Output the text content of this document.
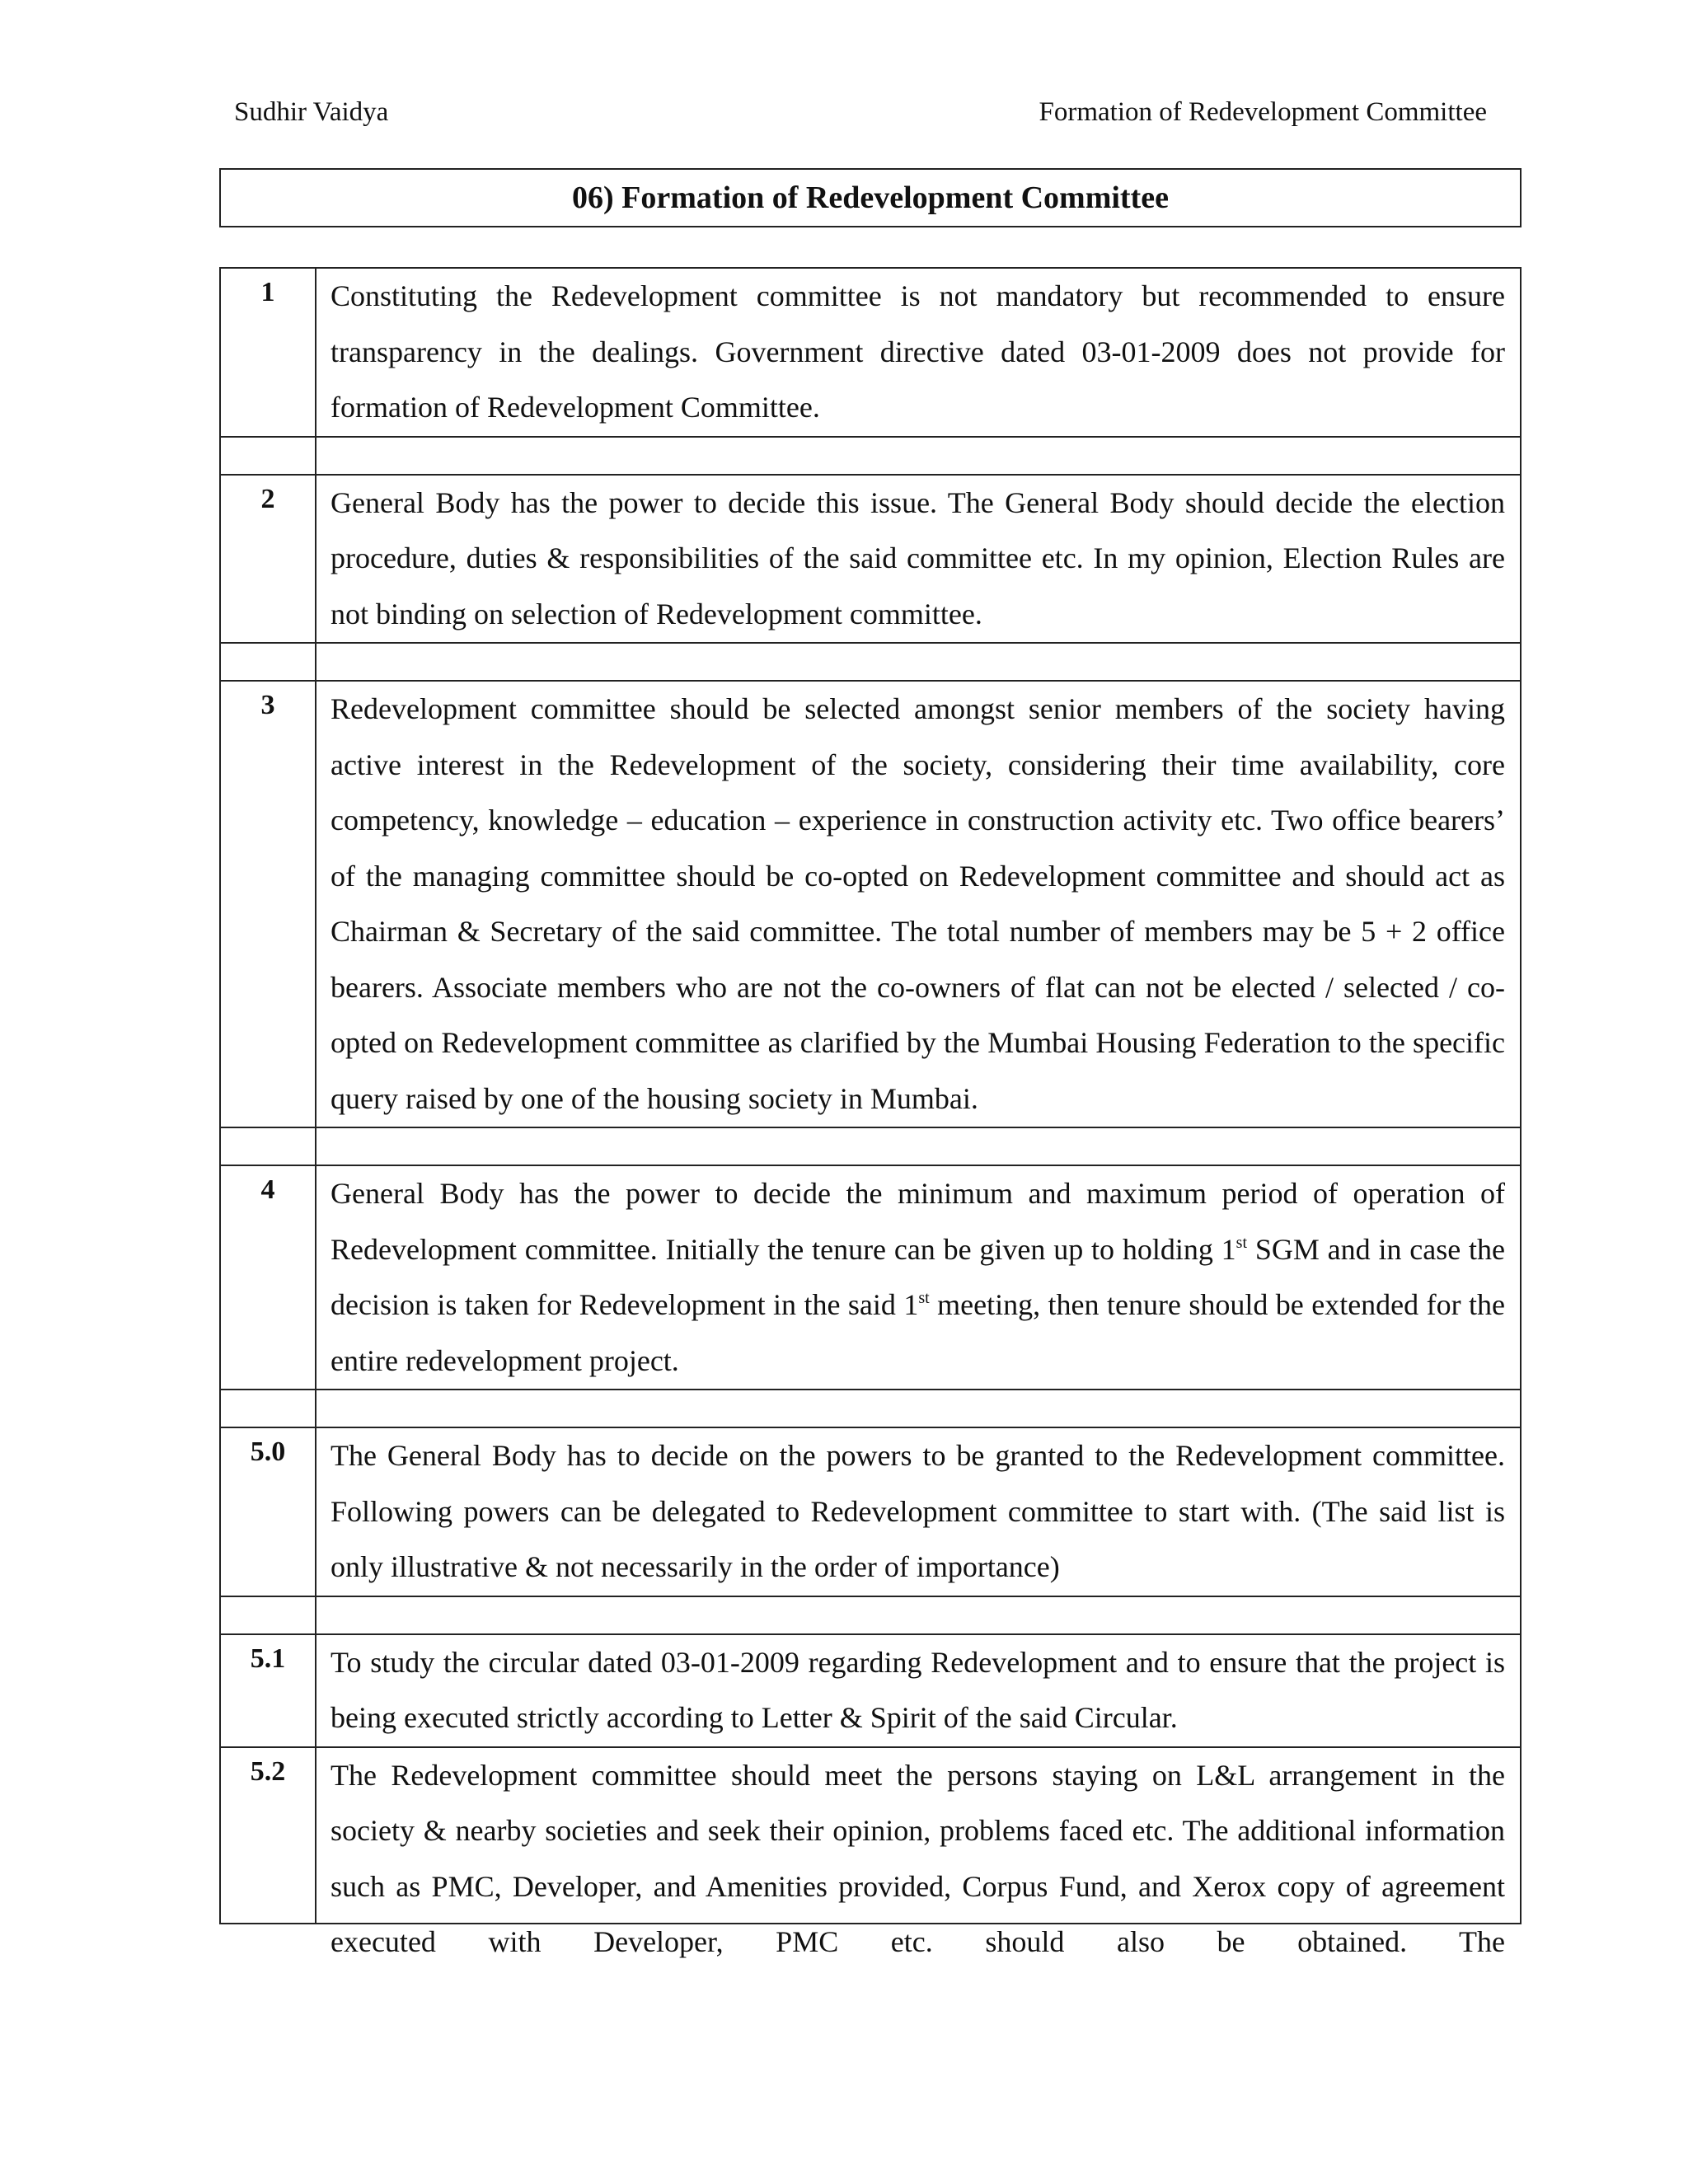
Sudhir Vaidya	Formation of Redevelopment Committee
06) Formation of Redevelopment Committee
1	Constituting the Redevelopment committee is not mandatory but recommended to ensure transparency in the dealings. Government directive dated 03-01-2009 does not provide for formation of Redevelopment Committee.

2	General Body has the power to decide this issue. The General Body should decide the election procedure, duties & responsibilities of the said committee etc. In my opinion, Election Rules are not binding on selection of Redevelopment committee.

3	Redevelopment committee should be selected amongst senior members of the society having active interest in the Redevelopment of the society, considering their time availability, core competency, knowledge – education – experience in construction activity etc. Two office bearers’ of the managing committee should be co-opted on Redevelopment committee and should act as Chairman & Secretary of the said committee. The total number of members may be 5 + 2 office bearers. Associate members who are not the co-owners of flat can not be elected / selected / co-opted on Redevelopment committee as clarified by the Mumbai Housing Federation to the specific query raised by one of the housing society in Mumbai.

4	General Body has the power to decide the minimum and maximum period of operation of Redevelopment committee. Initially the tenure can be given up to holding 1st SGM and in case the decision is taken for Redevelopment in the said 1st meeting, then tenure should be extended for the entire redevelopment project.

5.0	The General Body has to decide on the powers to be granted to the Redevelopment committee. Following powers can be delegated to Redevelopment committee to start with. (The said list is only illustrative & not necessarily in the order of importance)

5.1	To study the circular dated 03-01-2009 regarding Redevelopment and to ensure that the project is being executed strictly according to Letter & Spirit of the said Circular.
5.2	The Redevelopment committee should meet the persons staying on L&L arrangement in the society & nearby societies and seek their opinion, problems faced etc. The additional information such as PMC, Developer, and Amenities provided, Corpus Fund, and Xerox copy of agreement executed with Developer, PMC etc. should also be obtained. The
